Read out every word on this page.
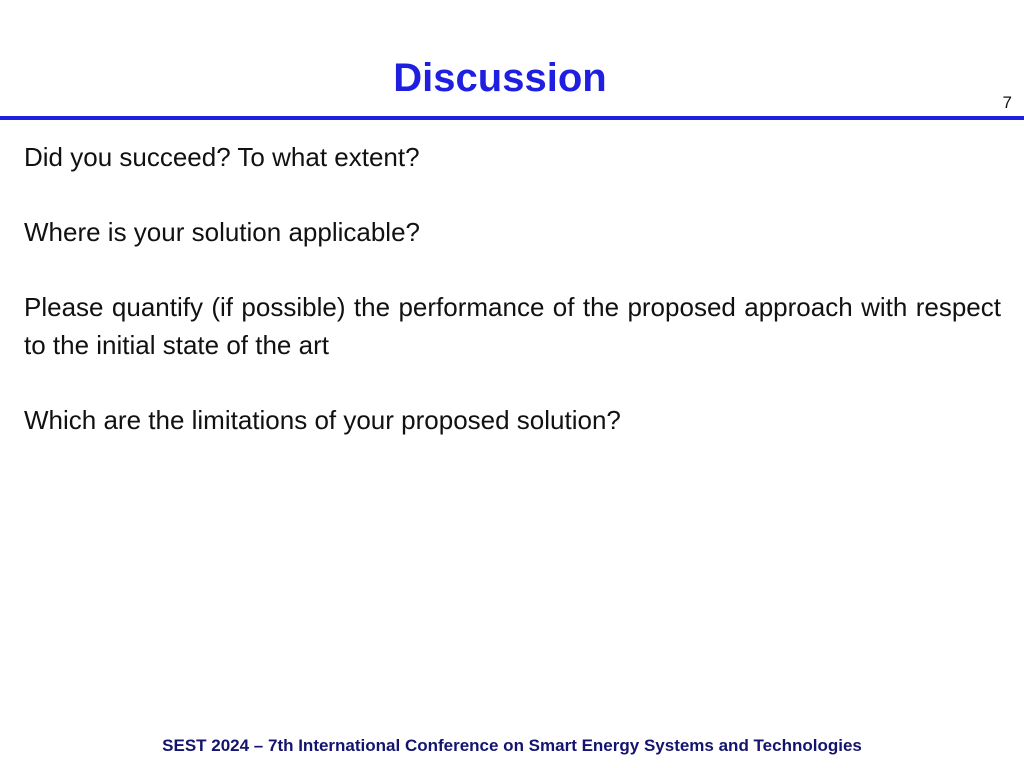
Discussion
7
Did you succeed? To what extent?
Where is your solution applicable?
Please quantify (if possible) the performance of the proposed approach with respect to the initial state of the art
Which are the limitations of your proposed solution?
SEST 2024 – 7th International Conference on Smart Energy Systems and Technologies
